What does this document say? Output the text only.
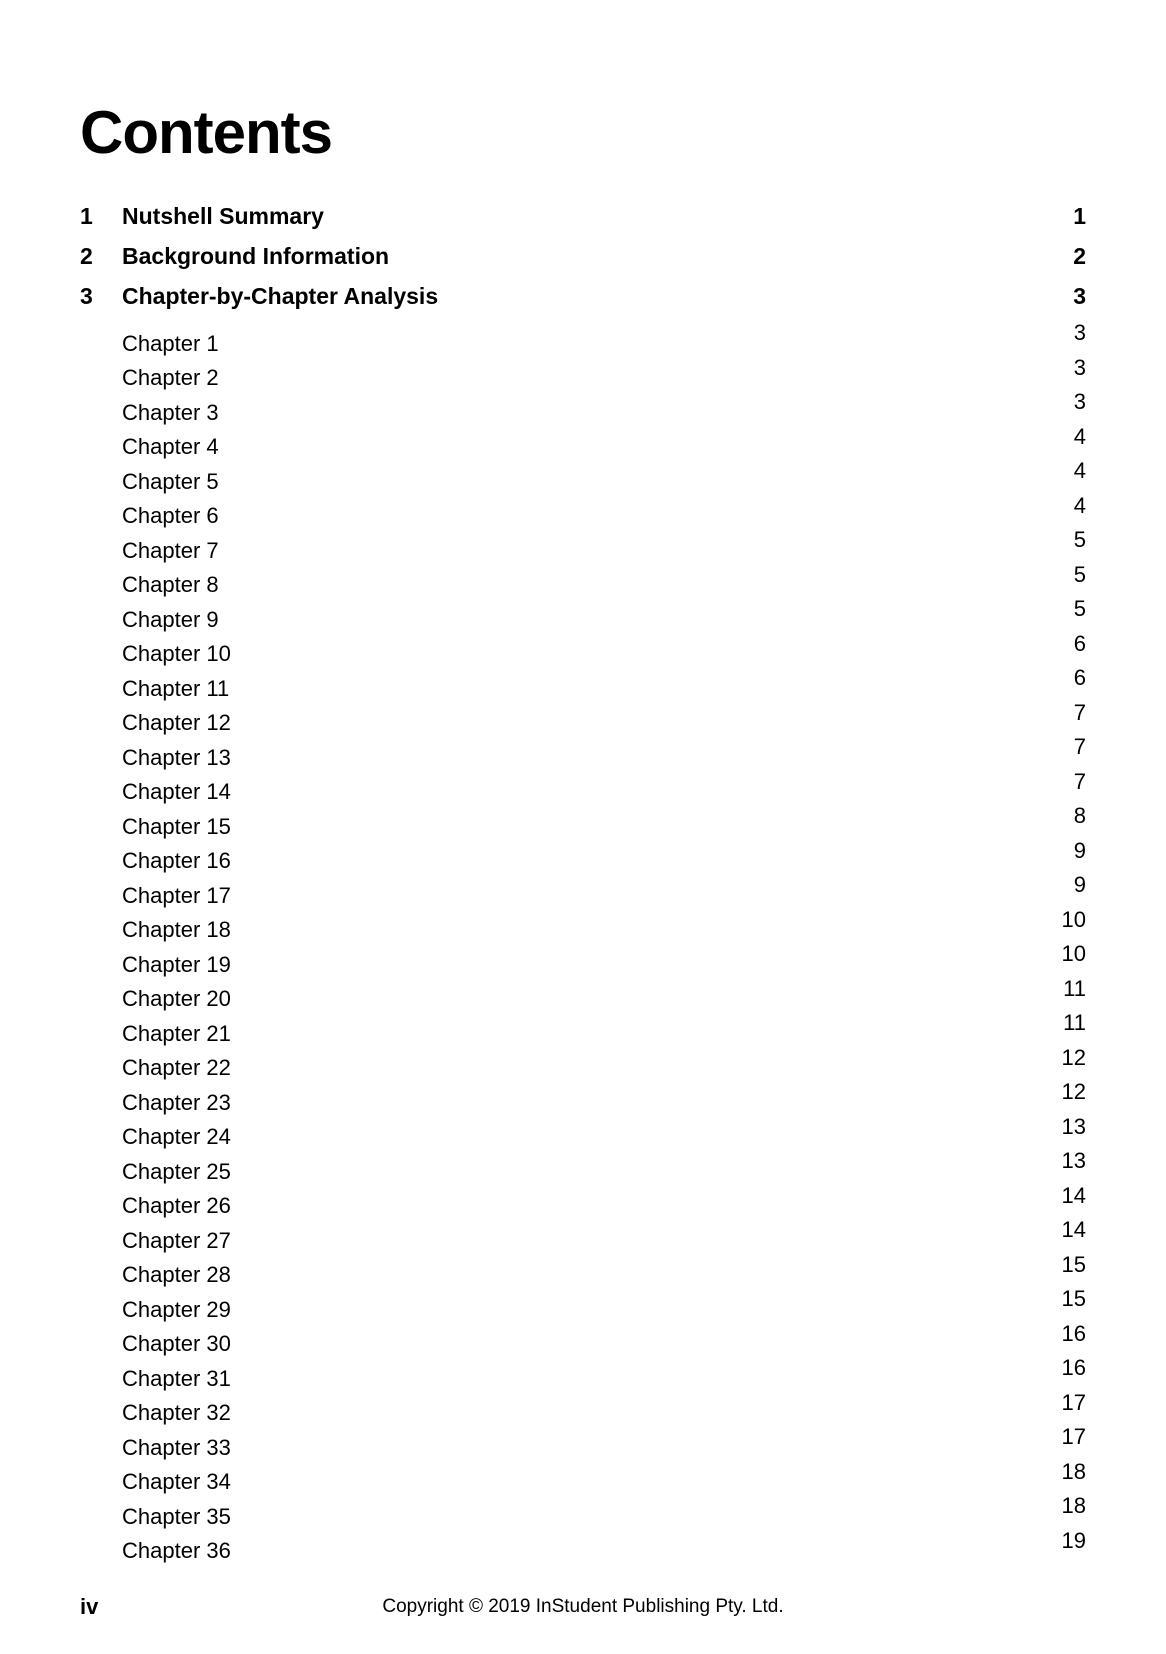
Contents
1 Nutshell Summary	1
2 Background Information	2
3 Chapter-by-Chapter Analysis	3
Chapter 1	3
Chapter 2	3
Chapter 3	3
Chapter 4	4
Chapter 5	4
Chapter 6	4
Chapter 7	5
Chapter 8	5
Chapter 9	5
Chapter 10	6
Chapter 11	6
Chapter 12	7
Chapter 13	7
Chapter 14	7
Chapter 15	8
Chapter 16	9
Chapter 17	9
Chapter 18	10
Chapter 19	10
Chapter 20	11
Chapter 21	11
Chapter 22	12
Chapter 23	12
Chapter 24	13
Chapter 25	13
Chapter 26	14
Chapter 27	14
Chapter 28	15
Chapter 29	15
Chapter 30	16
Chapter 31	16
Chapter 32	17
Chapter 33	17
Chapter 34	18
Chapter 35	18
Chapter 36	19
iv	Copyright © 2019 InStudent Publishing Pty. Ltd.
